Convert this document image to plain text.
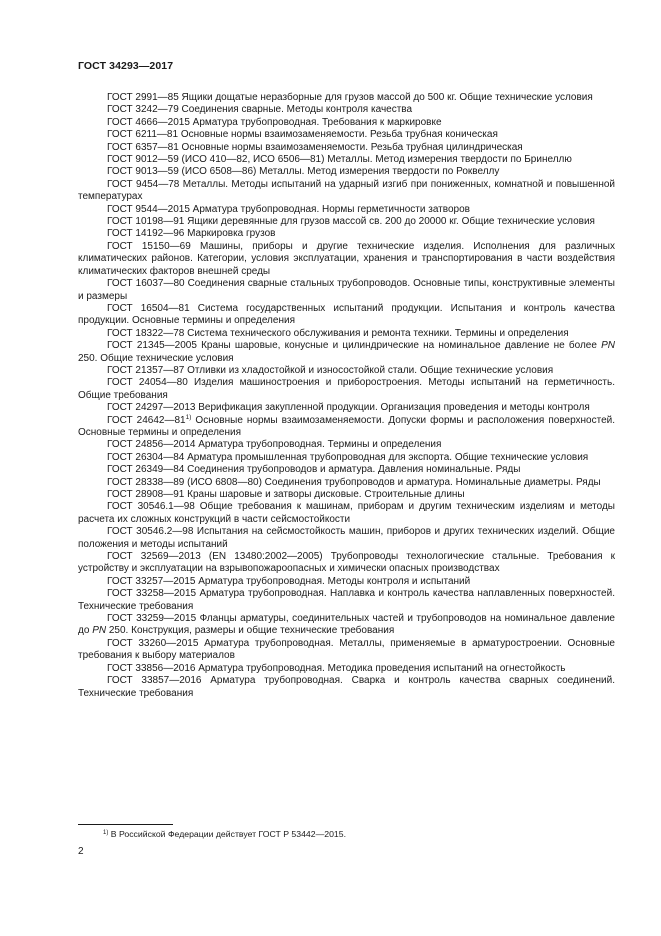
ГОСТ 34293—2017

ГОСТ 2991—85 Ящики дощатые неразборные для грузов массой до 500 кг. Общие технические условия

ГОСТ 3242—79 Соединения сварные. Методы контроля качества

ГОСТ 4666—2015 Арматура трубопроводная. Требования к маркировке

ГОСТ 6211—81 Основные нормы взаимозаменяемости. Резьба трубная коническая

ГОСТ 6357—81 Основные нормы взаимозаменяемости. Резьба трубная цилиндрическая

ГОСТ 9012—59 (ИСО 410—82, ИСО 6506—81) Металлы. Метод измерения твердости по Бринеллю

ГОСТ 9013—59 (ИСО 6508—86) Металлы. Метод измерения твердости по Роквеллу

ГОСТ 9454—78 Металлы. Методы испытаний на ударный изгиб при пониженных, комнатной и повышенной температурах

ГОСТ 9544—2015 Арматура трубопроводная. Нормы герметичности затворов

ГОСТ 10198—91 Ящики деревянные для грузов массой св. 200 до 20000 кг. Общие технические условия

ГОСТ 14192—96 Маркировка грузов

ГОСТ 15150—69 Машины, приборы и другие технические изделия. Исполнения для различных климатических районов. Категории, условия эксплуатации, хранения и транспортирования в части воздействия климатических факторов внешней среды

ГОСТ 16037—80 Соединения сварные стальных трубопроводов. Основные типы, конструктивные элементы и размеры

ГОСТ 16504—81 Система государственных испытаний продукции. Испытания и контроль качества продукции. Основные термины и определения

ГОСТ 18322—78 Система технического обслуживания и ремонта техники. Термины и определения

ГОСТ 21345—2005 Краны шаровые, конусные и цилиндрические на номинальное давление не более PN 250. Общие технические условия

ГОСТ 21357—87 Отливки из хладостойкой и износостойкой стали. Общие технические условия

ГОСТ 24054—80 Изделия машиностроения и приборостроения. Методы испытаний на герметичность. Общие требования

ГОСТ 24297—2013 Верификация закупленной продукции. Организация проведения и методы контроля

ГОСТ 24642—81$^{1)}$ Основные нормы взаимозаменяемости. Допуски формы и расположения поверхностей. Основные термины и определения

ГОСТ 24856—2014 Арматура трубопроводная. Термины и определения

ГОСТ 26304—84 Арматура промышленная трубопроводная для экспорта. Общие технические условия

ГОСТ 26349—84 Соединения трубопроводов и арматура. Давления номинальные. Ряды

ГОСТ 28338—89 (ИСО 6808—80) Соединения трубопроводов и арматура. Номинальные диаметры. Ряды

ГОСТ 28908—91 Краны шаровые и затворы дисковые. Строительные длины

ГОСТ 30546.1—98 Общие требования к машинам, приборам и другим техническим изделиям и методы расчета их сложных конструкций в части сейсмостойкости

ГОСТ 30546.2—98 Испытания на сейсмостойкость машин, приборов и других технических изделий. Общие положения и методы испытаний

ГОСТ 32569—2013 (EN 13480:2002—2005) Трубопроводы технологические стальные. Требования к устройству и эксплуатации на взрывопожароопасных и химически опасных производствах

ГОСТ 33257—2015 Арматура трубопроводная. Методы контроля и испытаний

ГОСТ 33258—2015 Арматура трубопроводная. Наплавка и контроль качества наплавленных поверхностей. Технические требования

ГОСТ 33259—2015 Фланцы арматуры, соединительных частей и трубопроводов на номинальное давление до PN 250. Конструкция, размеры и общие технические требования

ГОСТ 33260—2015 Арматура трубопроводная. Металлы, применяемые в арматуростроении. Основные требования к выбору материалов

ГОСТ 33856—2016 Арматура трубопроводная. Методика проведения испытаний на огнестойкость

ГОСТ 33857—2016 Арматура трубопроводная. Сварка и контроль качества сварных соединений. Технические требования

$^{1)}$ В Российской Федерации действует ГОСТ Р 53442—2015.
2
